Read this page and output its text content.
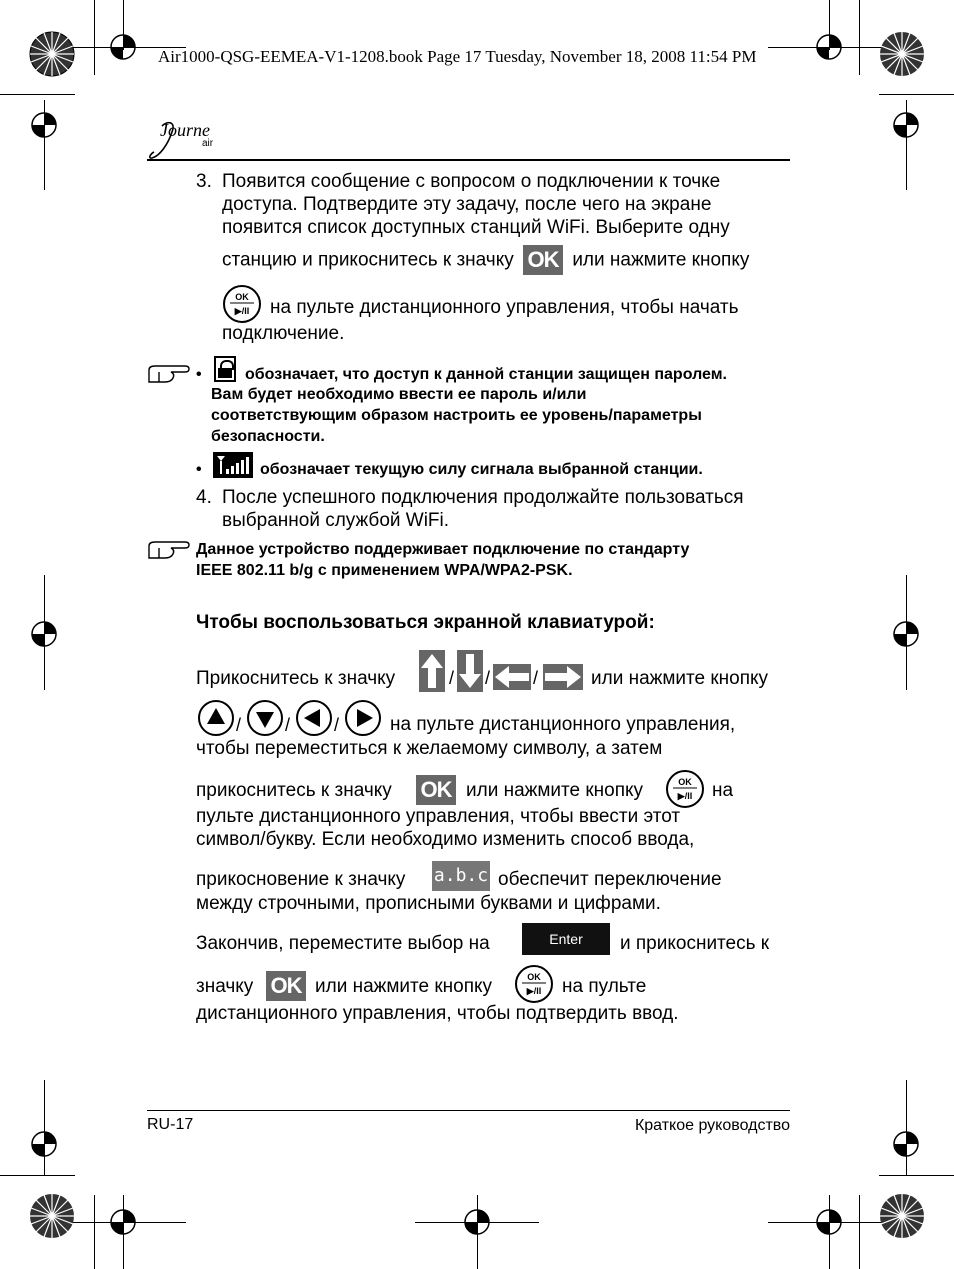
Air1000-QSG-EEMEA-V1-1208.book Page 17 Tuesday, November 18, 2008 11:54 PM
Journe
air
3. Появится сообщение с вопросом о подключении к точке
доступа. Подтвердите эту задачу, после чего на экране
появится список доступных станций WiFi. Выберите одну
станцию и прикоснитесь к значку OK или нажмите кнопку
OK
▶/II на пульте дистанционного управления, чтобы начать
подключение.
•	обозначает, что доступ к данной станции защищен паролем.
Вам будет необходимо ввести ее пароль и/или
соответствующим образом настроить ее уровень/параметры
безопасности.
•	обозначает текущую силу сигнала выбранной станции.
4. После успешного подключения продолжайте пользоваться
выбранной службой WiFi.
Данное устройство поддерживает подключение по стандарту
IEEE 802.11 b/g с применением WPA/WPA2-PSK.
Чтобы воспользоваться экранной клавиатурой:
Прикоснитесь к значку	/ / /	или нажмите кнопку
/ / /	на пульте дистанционного управления,
чтобы переместиться к желаемому символу, а затем
прикоснитесь к значку OK или нажмите кнопку	OK
▶/II на
пульте дистанционного управления, чтобы ввести этот
символ/букву. Если необходимо изменить способ ввода,
прикосновение к значку a.b.c обеспечит переключение
между строчными, прописными буквами и цифрами.
Закончив, переместите выбор на	Enter	и прикоснитесь к
значку OK или нажмите кнопку	OK
▶/II на пульте
дистанционного управления, чтобы подтвердить ввод.
RU-17	Краткое руководство
